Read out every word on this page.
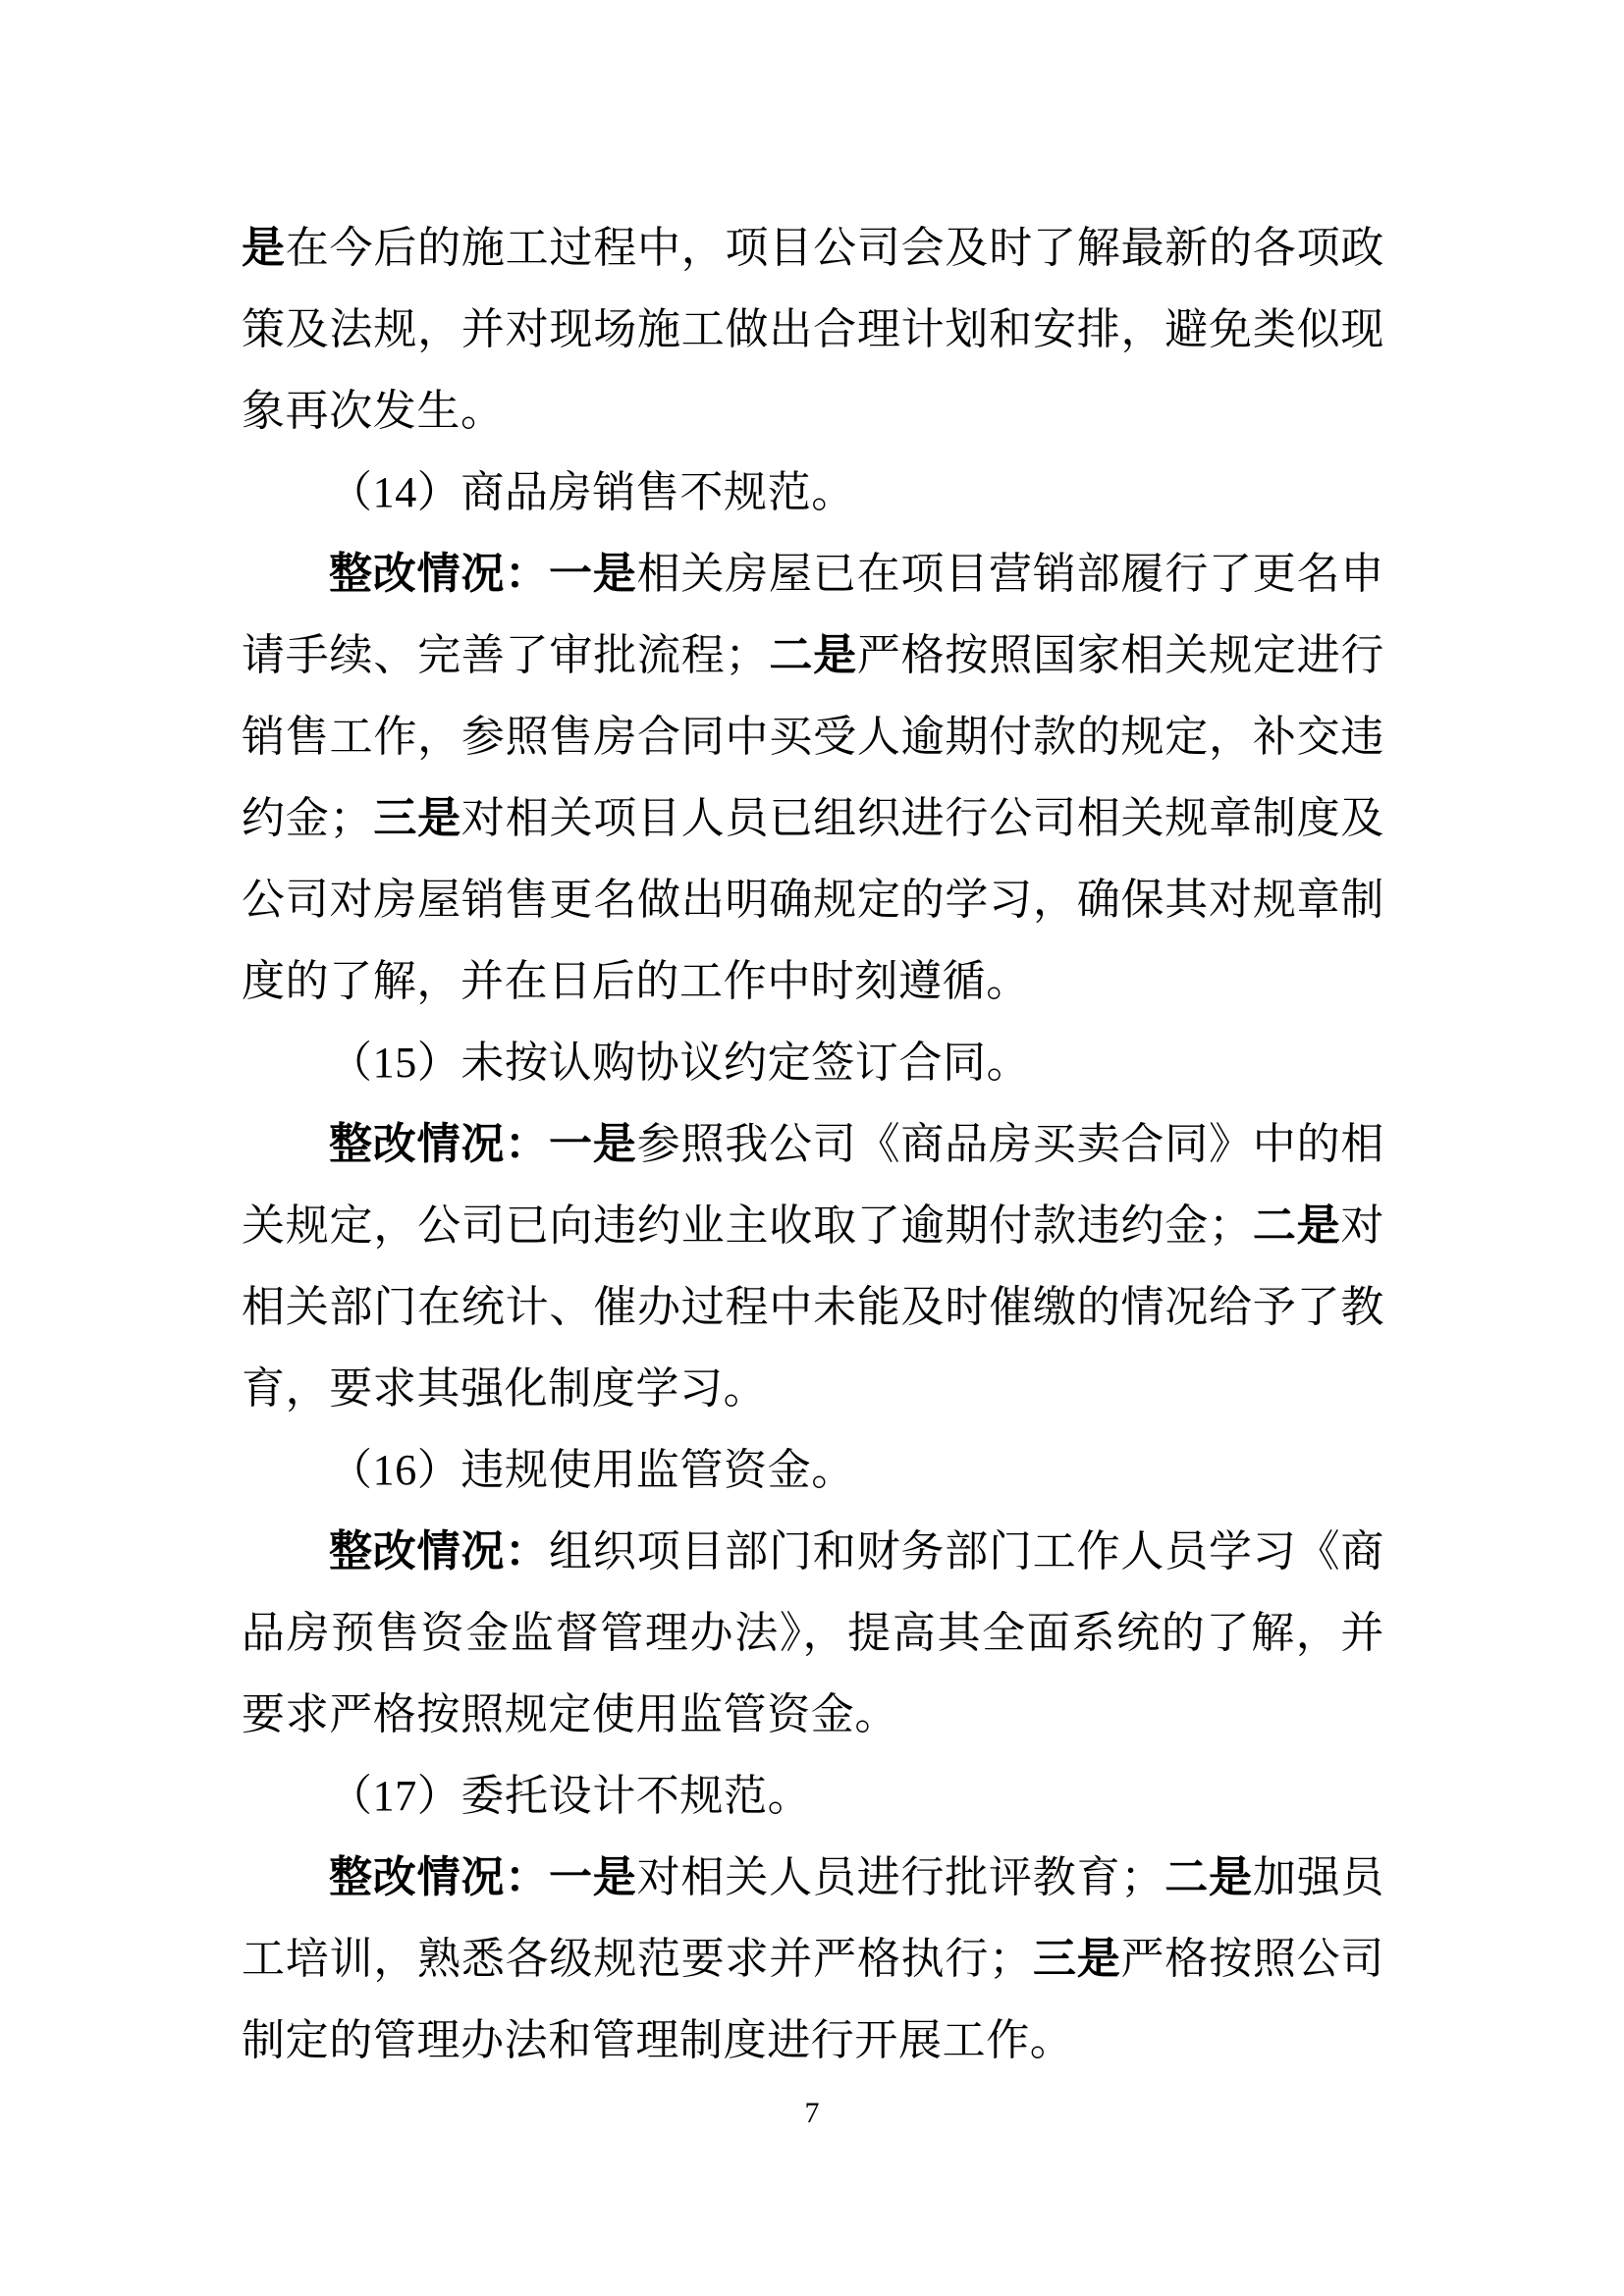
是在今后的施工过程中，项目公司会及时了解最新的各项政策及法规，并对现场施工做出合理计划和安排，避免类似现象再次发生。

（14）商品房销售不规范。

整改情况：一是相关房屋已在项目营销部履行了更名申请手续、完善了审批流程；二是严格按照国家相关规定进行销售工作，参照售房合同中买受人逾期付款的规定，补交违约金；三是对相关项目人员已组织进行公司相关规章制度及公司对房屋销售更名做出明确规定的学习，确保其对规章制度的了解，并在日后的工作中时刻遵循。

（15）未按认购协议约定签订合同。

整改情况：一是参照我公司《商品房买卖合同》中的相关规定，公司已向违约业主收取了逾期付款违约金；二是对相关部门在统计、催办过程中未能及时催缴的情况给予了教育，要求其强化制度学习。

（16）违规使用监管资金。

整改情况：组织项目部门和财务部门工作人员学习《商品房预售资金监督管理办法》，提高其全面系统的了解，并要求严格按照规定使用监管资金。

（17）委托设计不规范。

整改情况：一是对相关人员进行批评教育；二是加强员工培训，熟悉各级规范要求并严格执行；三是严格按照公司制定的管理办法和管理制度进行开展工作。

7
